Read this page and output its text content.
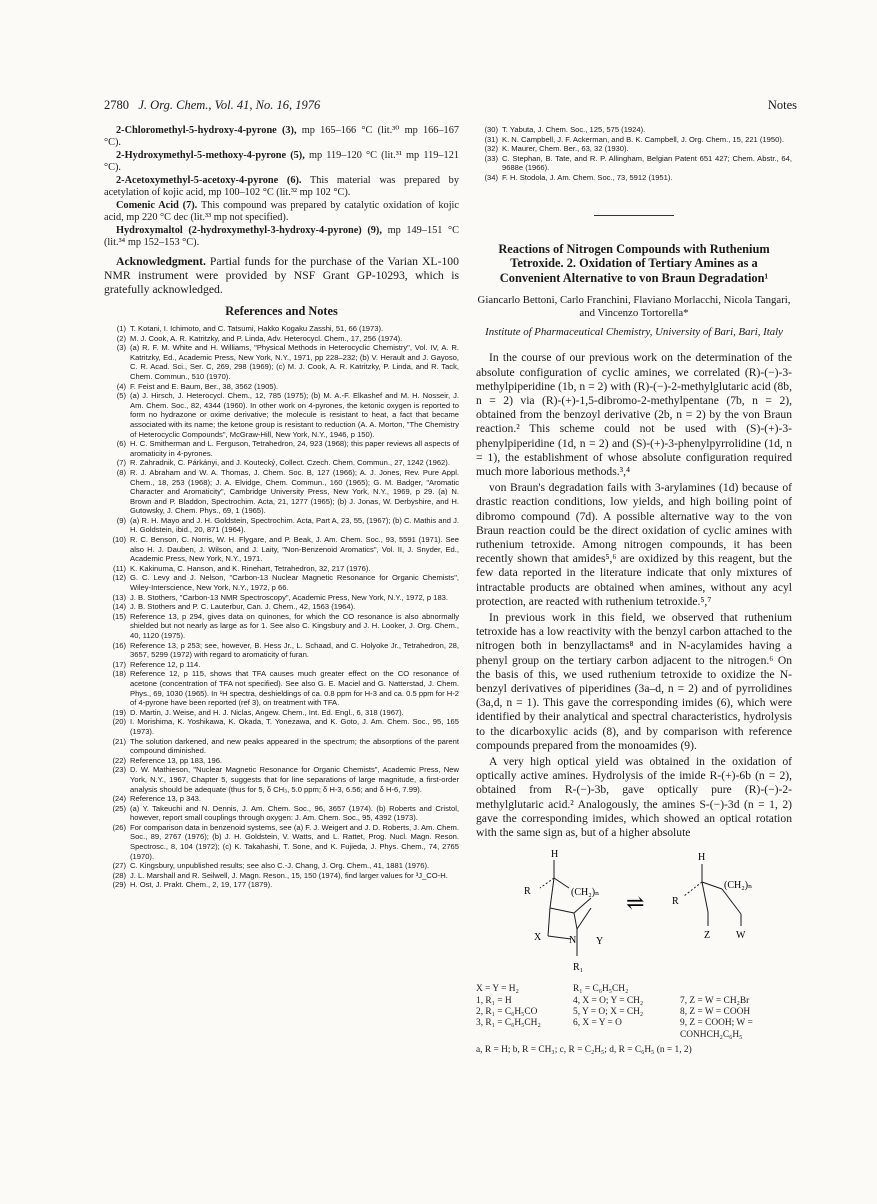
2780 J. Org. Chem., Vol. 41, No. 16, 1976	Notes

2-Chloromethyl-5-hydroxy-4-pyrone (3), mp 165–166 °C (lit.³⁰ mp 166–167 °C).

2-Hydroxymethyl-5-methoxy-4-pyrone (5), mp 119–120 °C (lit.³¹ mp 119–121 °C).

2-Acetoxymethyl-5-acetoxy-4-pyrone (6). This material was prepared by acetylation of kojic acid, mp 100–102 °C (lit.³² mp 102 °C).

Comenic Acid (7). This compound was prepared by catalytic oxidation of kojic acid, mp 220 °C dec (lit.³³ mp not specified).

Hydroxymaltol (2-hydroxymethyl-3-hydroxy-4-pyrone) (9), mp 149–151 °C (lit.³⁴ mp 152–153 °C).

Acknowledgment. Partial funds for the purchase of the Varian XL-100 NMR instrument were provided by NSF Grant GP-10293, which is gratefully acknowledged.

References and Notes
(1) T. Kotani, I. Ichimoto, and C. Tatsumi, Hakko Kogaku Zasshi, 51, 66 (1973).
(2) M. J. Cook, A. R. Katritzky, and P. Linda, Adv. Heterocycl. Chem., 17, 256 (1974).
(3) (a) R. F. M. White and H. Williams, "Physical Methods in Heterocyclic Chemistry", Vol. IV, A. R. Katritzky, Ed., Academic Press, New York, N.Y., 1971, pp 228–232; (b) V. Herault and J. Gayoso, C. R. Acad. Sci., Ser. C, 269, 298 (1969); (c) M. J. Cook, A. R. Katritzky, P. Linda, and R. Tack, Chem. Commun., 510 (1970).
(4) F. Feist and E. Baum, Ber., 38, 3562 (1905).
(5) (a) J. Hirsch, J. Heterocycl. Chem., 12, 785 (1975); (b) M. A.-F. Elkashef and M. H. Nosseir, J. Am. Chem. Soc., 82, 4344 (1960). In other work on 4-pyrones, the ketonic oxygen is reported to form no hydrazone or oxime derivative; the molecule is resistant to heat, a fact that became associated with its name; the ketone group is resistant to reduction (A. A. Morton, "The Chemistry of Heterocyclic Compounds", McGraw-Hill, New York, N.Y., 1946, p 150).
(6) H. C. Smitherman and L. Ferguson, Tetrahedron, 24, 923 (1968); this paper reviews all aspects of aromaticity in 4-pyrones.
(7) R. Zahradnik, C. Párkányi, and J. Koutecký, Collect. Czech. Chem. Commun., 27, 1242 (1962).
(8) R. J. Abraham and W. A. Thomas, J. Chem. Soc. B, 127 (1966); A. J. Jones, Rev. Pure Appl. Chem., 18, 253 (1968); J. A. Elvidge, Chem. Commun., 160 (1965); G. M. Badger, "Aromatic Character and Aromaticity", Cambridge University Press, New York, N.Y., 1969, p 29. (a) N. Brown and P. Bladdon, Spectrochim. Acta, 21, 1277 (1965); (b) J. Jonas, W. Derbyshire, and H. Gutowsky, J. Chem. Phys., 69, 1 (1965).
(9) (a) R. H. Mayo and J. H. Goldstein, Spectrochim. Acta, Part A, 23, 55, (1967); (b) C. Mathis and J. H. Goldstein, ibid., 20, 871 (1964).
(10) R. C. Benson, C. Norris, W. H. Flygare, and P. Beak, J. Am. Chem. Soc., 93, 5591 (1971). See also H. J. Dauben, J. Wilson, and J. Laity, "Non-Benzenoid Aromatics", Vol. II, J. Snyder, Ed., Academic Press, New York, N.Y., 1971.
(11) K. Kakinuma, C. Hanson, and K. Rinehart, Tetrahedron, 32, 217 (1976).
(12) G. C. Levy and J. Nelson, "Carbon-13 Nuclear Magnetic Resonance for Organic Chemists", Wiley-Interscience, New York, N.Y., 1972, p 66.
(13) J. B. Stothers, "Carbon-13 NMR Spectroscopy", Academic Press, New York, N.Y., 1972, p 183.
(14) J. B. Stothers and P. C. Lauterbur, Can. J. Chem., 42, 1563 (1964).
(15) Reference 13, p 294, gives data on quinones, for which the CO resonance is also abnormally shielded but not nearly as large as for 1. See also C. Kingsbury and J. H. Looker, J. Org. Chem., 40, 1120 (1975).
(16) Reference 13, p 253; see, however, B. Hess Jr., L. Schaad, and C. Holyoke Jr., Tetrahedron, 28, 3657, 5299 (1972) with regard to aromaticity of furan.
(17) Reference 12, p 114.
(18) Reference 12, p 115, shows that TFA causes much greater effect on the CO resonance of acetone (concentration of TFA not specified). See also G. E. Maciel and G. Natterstad, J. Chem. Phys., 69, 1030 (1965). In ¹H spectra, deshieldings of ca. 0.8 ppm for H-3 and ca. 0.5 ppm for H-2 of 4-pyrone have been reported (ref 3), on treatment with TFA.
(19) D. Martin, J. Weise, and H. J. Niclas, Angew. Chem., Int. Ed. Engl., 6, 318 (1967).
(20) I. Morishima, K. Yoshikawa, K. Okada, T. Yonezawa, and K. Goto, J. Am. Chem. Soc., 95, 165 (1973).
(21) The solution darkened, and new peaks appeared in the spectrum; the absorptions of the parent compound diminished.
(22) Reference 13, pp 183, 196.
(23) D. W. Mathieson, "Nuclear Magnetic Resonance for Organic Chemists", Academic Press, New York, N.Y., 1967, Chapter 5, suggests that for line separations of large magnitude, a first-order analysis should be adequate (thus for 5, δ CH₃, 5.0 ppm; δ H-3, 6.56; and δ H-6, 7.99).
(24) Reference 13, p 343.
(25) (a) Y. Takeuchi and N. Dennis, J. Am. Chem. Soc., 96, 3657 (1974). (b) Roberts and Cristol, however, report small couplings through oxygen: J. Am. Chem. Soc., 95, 4392 (1973).
(26) For comparison data in benzenoid systems, see (a) F. J. Weigert and J. D. Roberts, J. Am. Chem. Soc., 89, 2767 (1976); (b) J. H. Goldstein, V. Watts, and L. Rattet, Prog. Nucl. Magn. Reson. Spectrosc., 8, 104 (1972); (c) K. Takahashi, T. Sone, and K. Fujieda, J. Phys. Chem., 74, 2765 (1970).
(27) C. Kingsbury, unpublished results; see also C.-J. Chang, J. Org. Chem., 41, 1881 (1976).
(28) J. L. Marshall and R. Seilwell, J. Magn. Reson., 15, 150 (1974), find larger values for ³J_CO-H.
(29) H. Ost, J. Prakt. Chem., 2, 19, 177 (1879).
(30) T. Yabuta, J. Chem. Soc., 125, 575 (1924).
(31) K. N. Campbell, J. F. Ackerman, and B. K. Campbell, J. Org. Chem., 15, 221 (1950).
(32) K. Maurer, Chem. Ber., 63, 32 (1930).
(33) C. Stephan, B. Tate, and R. P. Allingham, Belgian Patent 651 427; Chem. Abstr., 64, 9688e (1966).
(34) F. H. Stodola, J. Am. Chem. Soc., 73, 5912 (1951).
Reactions of Nitrogen Compounds with Ruthenium Tetroxide. 2. Oxidation of Tertiary Amines as a Convenient Alternative to von Braun Degradation¹
Giancarlo Bettoni, Carlo Franchini, Flaviano Morlacchi, Nicola Tangari, and Vincenzo Tortorella*
Institute of Pharmaceutical Chemistry, University of Bari, Bari, Italy

In the course of our previous work on the determination of the absolute configuration of cyclic amines, we correlated (R)-(−)-3-methylpiperidine (1b, n = 2) with (R)-(−)-2-methylglutaric acid (8b, n = 2) via (R)-(+)-1,5-dibromo-2-methylpentane (7b, n = 2), obtained from the benzoyl derivative (2b, n = 2) by the von Braun reaction.² This scheme could not be used with (S)-(+)-3-phenylpiperidine (1d, n = 2) and (S)-(+)-3-phenylpyrrolidine (1d, n = 1), the establishment of whose absolute configuration required much more laborious methods.³,⁴

von Braun's degradation fails with 3-arylamines (1d) because of drastic reaction conditions, low yields, and high boiling point of dibromo compound (7d). A possible alternative way to the von Braun reaction could be the direct oxidation of cyclic amines with ruthenium tetroxide. Among nitrogen compounds, it has been recently shown that amides⁵,⁶ are oxidized by this reagent, but the few data reported in the literature indicate that only mixtures of intractable products are obtained when amines, without any acyl protection, are reacted with ruthenium tetroxide.⁵,⁷

In previous work in this field, we observed that ruthenium tetroxide has a low reactivity with the benzyl carbon attached to the nitrogen both in benzyllactams⁸ and in N-acylamides having a phenyl group on the tertiary carbon adjacent to the nitrogen.⁶ On the basis of this, we used ruthenium tetroxide to oxidize the N-benzyl derivatives of piperidines (3a–d, n = 2) and of pyrrolidines (3a,d, n = 1). This gave the corresponding imides (6), which were identified by their analytical and spectral characteristics, hydrolysis to the dicarboxylic acids (8), and by comparison with reference compounds prepared from the monoamides (9).

A very high optical yield was obtained in the oxidation of optically active amines. Hydrolysis of the imide R-(+)-6b (n = 2), obtained from R-(−)-3b, gave optically pure (R)-(−)-2-methylglutaric acid.² Analogously, the amines S-(−)-3d (n = 1, 2) gave the corresponding imides, which showed an optical rotation with the same sign as, but of a higher absolute

H
R	(CH₂)ₙ
X	N Y
R₁
⇌
H
R
(CH₂)ₙ
Z	W
X = Y = H₂	R₁ = C₆H₅CH₂
1, R₁ = H	4, X = O; Y = CH₂	7, Z = W = CH₂Br
2, R₁ = C₆H₅CO	5, Y = O; X = CH₂	8, Z = W = COOH
3, R₁ = C₆H₅CH₂	6, X = Y = O	9, Z = COOH; W =
CONHCH₂C₆H₅
a, R = H; b, R = CH₃; c, R = C₂H₅; d, R = C₆H₅ (n = 1, 2)
